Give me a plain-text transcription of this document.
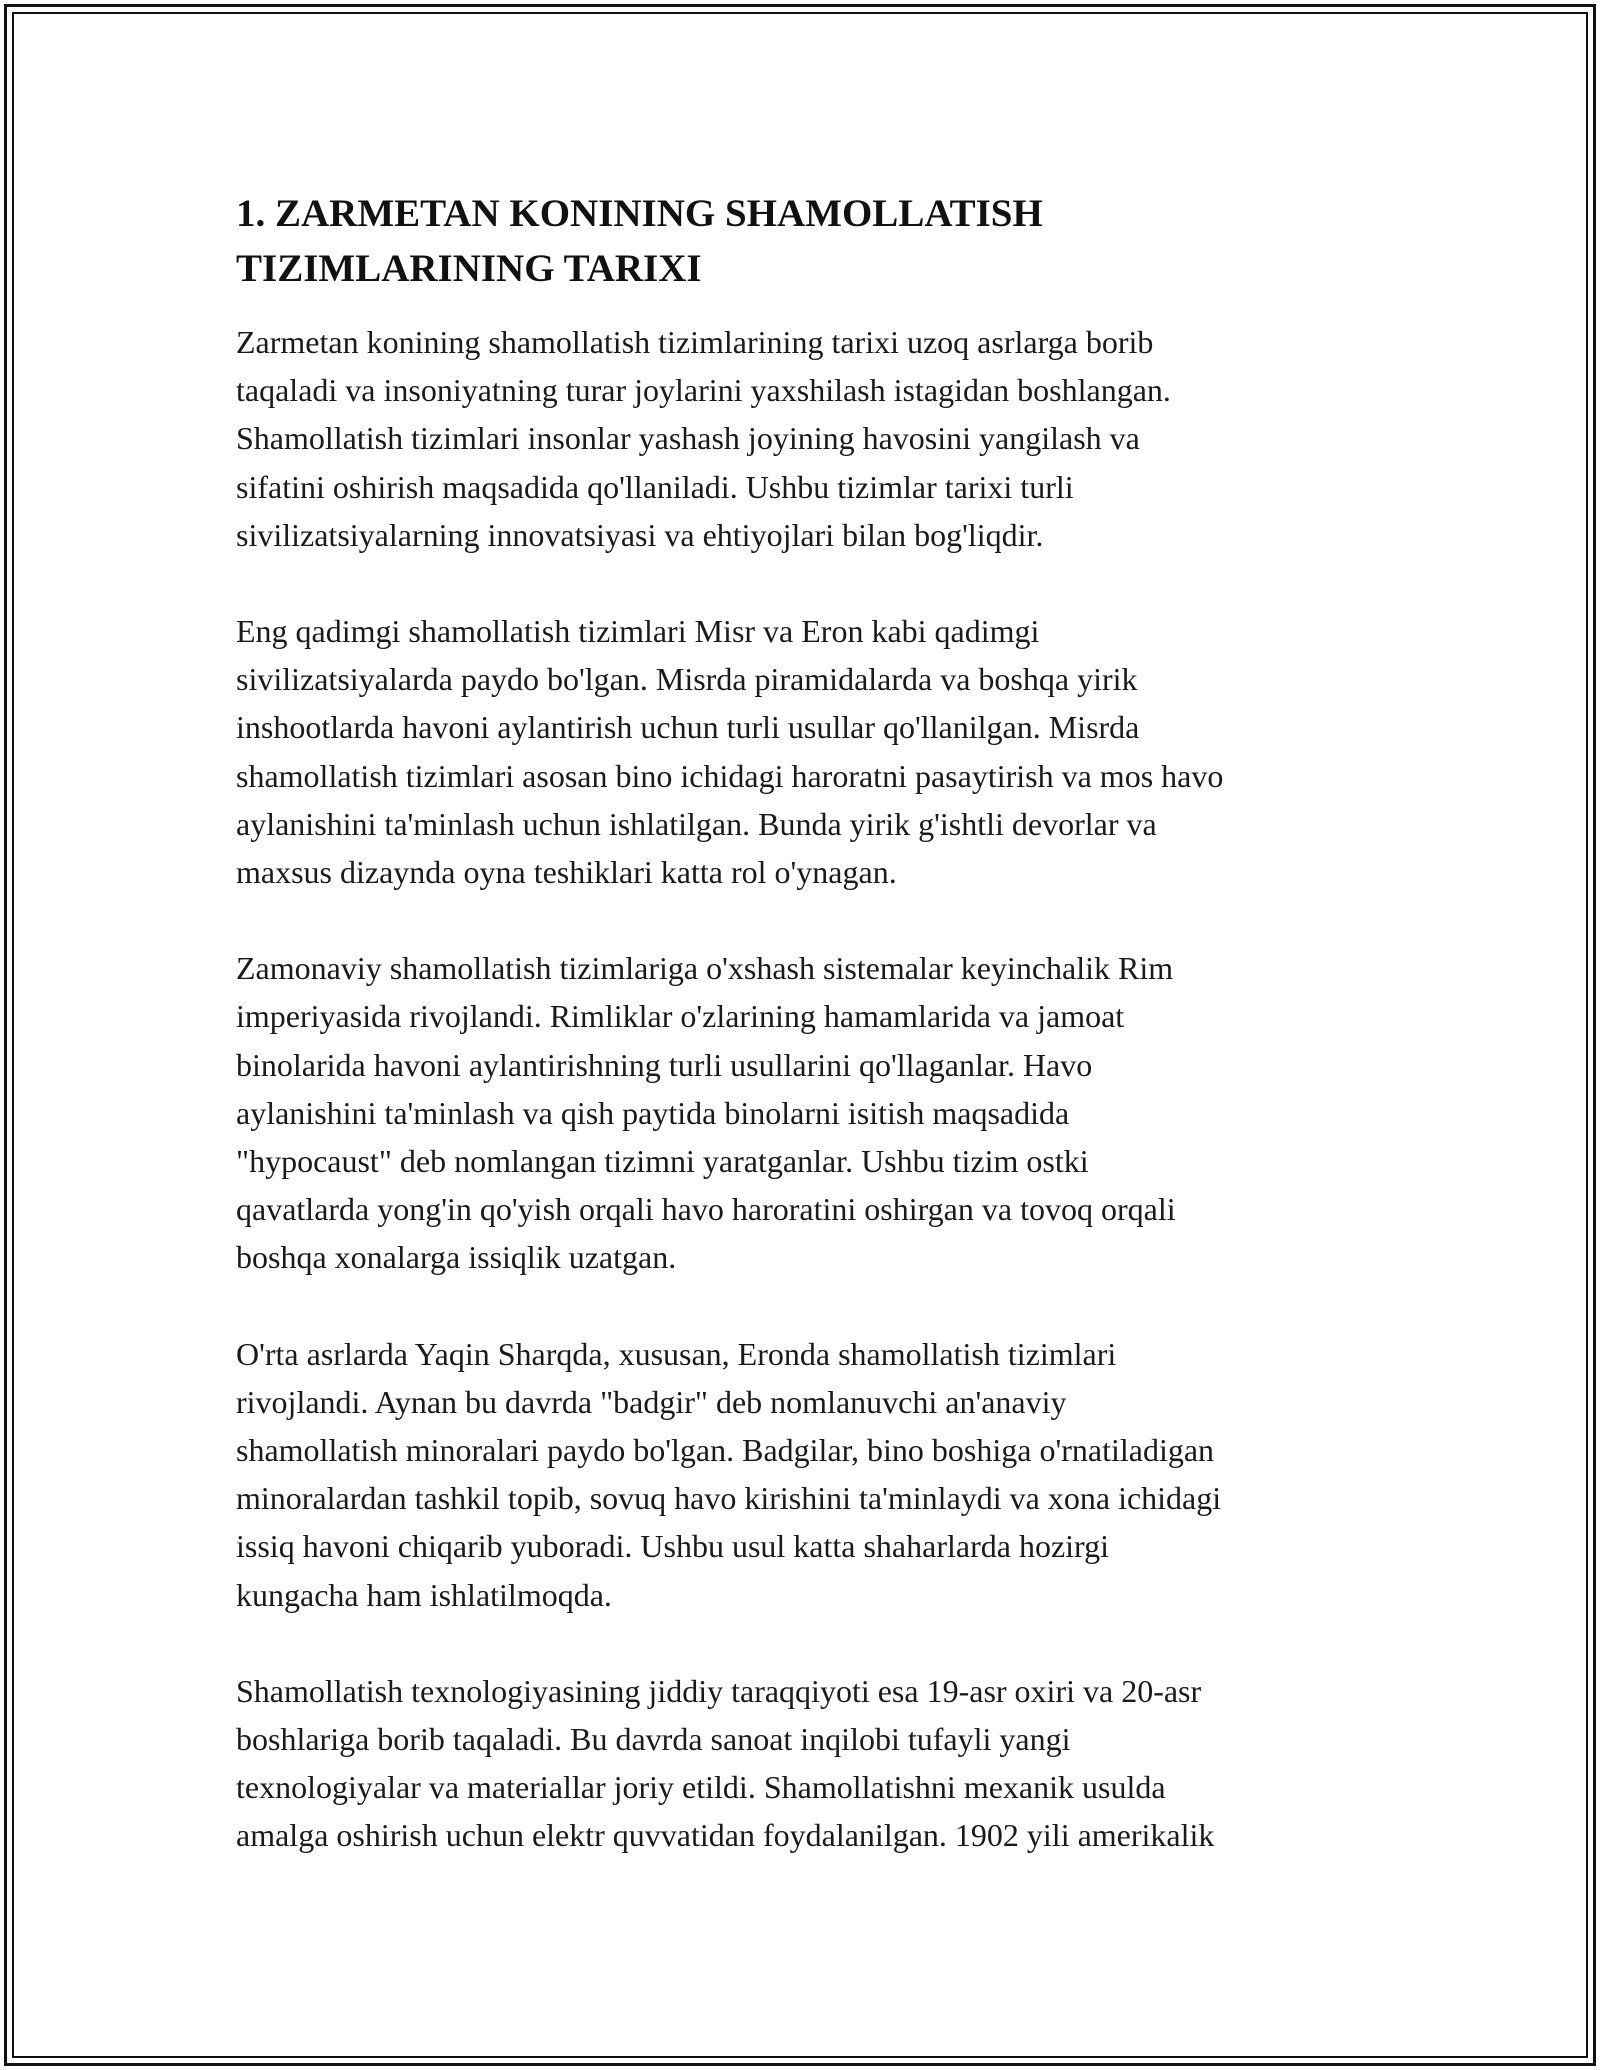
1. ZARMETAN KONINING SHAMOLLATISH
TIZIMLARINING TARIXI

Zarmetan konining shamollatish tizimlarining tarixi uzoq asrlarga borib
taqaladi va insoniyatning turar joylarini yaxshilash istagidan boshlangan.
Shamollatish tizimlari insonlar yashash joyining havosini yangilash va
sifatini oshirish maqsadida qo'llaniladi. Ushbu tizimlar tarixi turli
sivilizatsiyalarning innovatsiyasi va ehtiyojlari bilan bog'liqdir.

Eng qadimgi shamollatish tizimlari Misr va Eron kabi qadimgi
sivilizatsiyalarda paydo bo'lgan. Misrda piramidalarda va boshqa yirik
inshootlarda havoni aylantirish uchun turli usullar qo'llanilgan. Misrda
shamollatish tizimlari asosan bino ichidagi haroratni pasaytirish va mos havo
aylanishini ta'minlash uchun ishlatilgan. Bunda yirik g'ishtli devorlar va
maxsus dizaynda oyna teshiklari katta rol o'ynagan.

Zamonaviy shamollatish tizimlariga o'xshash sistemalar keyinchalik Rim
imperiyasida rivojlandi. Rimliklar o'zlarining hamamlarida va jamoat
binolarida havoni aylantirishning turli usullarini qo'llaganlar. Havo
aylanishini ta'minlash va qish paytida binolarni isitish maqsadida
"hypocaust" deb nomlangan tizimni yaratganlar. Ushbu tizim ostki
qavatlarda yong'in qo'yish orqali havo haroratini oshirgan va tovoq orqali
boshqa xonalarga issiqlik uzatgan.

O'rta asrlarda Yaqin Sharqda, xususan, Eronda shamollatish tizimlari
rivojlandi. Aynan bu davrda "badgir" deb nomlanuvchi an'anaviy
shamollatish minoralari paydo bo'lgan. Badgilar, bino boshiga o'rnatiladigan
minoralardan tashkil topib, sovuq havo kirishini ta'minlaydi va xona ichidagi
issiq havoni chiqarib yuboradi. Ushbu usul katta shaharlarda hozirgi
kungacha ham ishlatilmoqda.

Shamollatish texnologiyasining jiddiy taraqqiyoti esa 19-asr oxiri va 20-asr
boshlariga borib taqaladi. Bu davrda sanoat inqilobi tufayli yangi
texnologiyalar va materiallar joriy etildi. Shamollatishni mexanik usulda
amalga oshirish uchun elektr quvvatidan foydalanilgan. 1902 yili amerikalik
